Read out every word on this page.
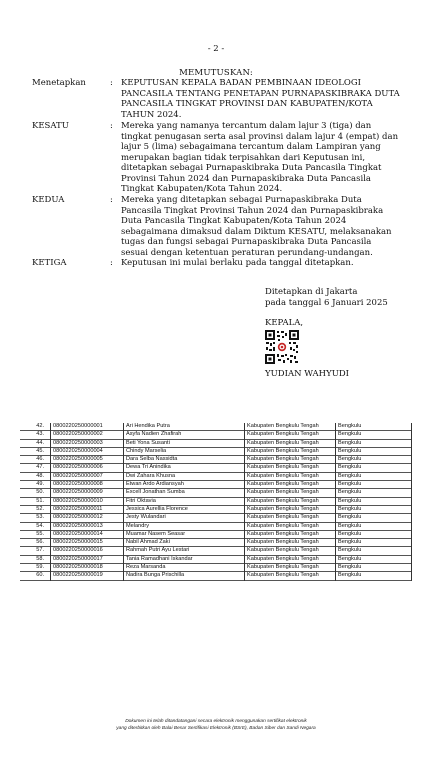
- 2 -
MEMUTUSKAN:
Menetapkan	: KEPUTUSAN KEPALA BADAN PEMBINAAN IDEOLOGI
PANCASILA TENTANG PENETAPAN PURNAPASKIBRAKA DUTA
PANCASILA TINGKAT PROVINSI DAN KABUPATEN/KOTA
TAHUN 2024.
KESATU	: Mereka yang namanya tercantum dalam lajur 3 (tiga) dan
tingkat penugasan serta asal provinsi dalam lajur 4 (empat) dan
lajur 5 (lima) sebagaimana tercantum dalam Lampiran yang
merupakan bagian tidak terpisahkan dari Keputusan ini,
ditetapkan sebagai Purnapaskibraka Duta Pancasila Tingkat
Provinsi Tahun 2024 dan Purnapaskibraka Duta Pancasila
Tingkat Kabupaten/Kota Tahun 2024.
KEDUA	: Mereka yang ditetapkan sebagai Purnapaskibraka Duta
Pancasila Tingkat Provinsi Tahun 2024 dan Purnapaskibraka
Duta Pancasila Tingkat Kabupaten/Kota Tahun 2024
sebagaimana dimaksud dalam Diktum KESATU, melaksanakan
tugas dan fungsi sebagai Purnapaskibraka Duta Pancasila
sesuai dengan ketentuan peraturan perundang-undangan.
KETIGA	: Keputusan ini mulai berlaku pada tanggal ditetapkan.
Ditetapkan di Jakarta
pada tanggal 6 Januari 2025
KEPALA,
YUDIAN WAHYUDI
42.	0800220250000001	Ari Hendika Putra	Kabupaten Bengkulu Tengah	Bengkulu
43.	0800220250000002	Asyfa Nadien Zhafirah	Kabupaten Bengkulu Tengah	Bengkulu
44.	0800220250000003	Beti Yona Susanti	Kabupaten Bengkulu Tengah	Bengkulu
45.	0800220250000004	Chindy Marselia	Kabupaten Bengkulu Tengah	Bengkulu
46.	0800220250000005	Dara Selba Nassidta	Kabupaten Bengkulu Tengah	Bengkulu
47.	0800220250000006	Dewa Tri Anindika	Kabupaten Bengkulu Tengah	Bengkulu
48.	0800220250000007	Dwi Zahara Khusna	Kabupaten Bengkulu Tengah	Bengkulu
49.	0800220250000008	Etwan Ardo Ardiansyah	Kabupaten Bengkulu Tengah	Bengkulu
50.	0800220250000009	Excell Jonathan Sumba	Kabupaten Bengkulu Tengah	Bengkulu
51.	0800220250000010	Fitri Oktavia	Kabupaten Bengkulu Tengah	Bengkulu
52.	0800220250000011	Jessica Aurellia Florence	Kabupaten Bengkulu Tengah	Bengkulu
53.	0800220250000012	Jesty Wulandari	Kabupaten Bengkulu Tengah	Bengkulu
54.	0800220250000013	Melandry	Kabupaten Bengkulu Tengah	Bengkulu
55.	0800220250000014	Muamar Nasem Seasar	Kabupaten Bengkulu Tengah	Bengkulu
56.	0800220250000015	Nabil Ahmad Zaki	Kabupaten Bengkulu Tengah	Bengkulu
57.	0800220250000016	Rahmah Putri Ayu Lestari	Kabupaten Bengkulu Tengah	Bengkulu
58.	0800220250000017	Tania Ramadhani Iskandar	Kabupaten Bengkulu Tengah	Bengkulu
59.	0800220250000018	Reza Marsanda	Kabupaten Bengkulu Tengah	Bengkulu
60.	0800220250000019	Nadira Bunga Prischilla	Kabupaten Bengkulu Tengah	Bengkulu
Dokumen ini telah ditandatangani secara elektronik menggunakan sertifikat elektronik
yang diterbitkan oleh Balai Besar Sertifikasi Elektronik (BSrE), Badan Siber dan Sandi Negara
